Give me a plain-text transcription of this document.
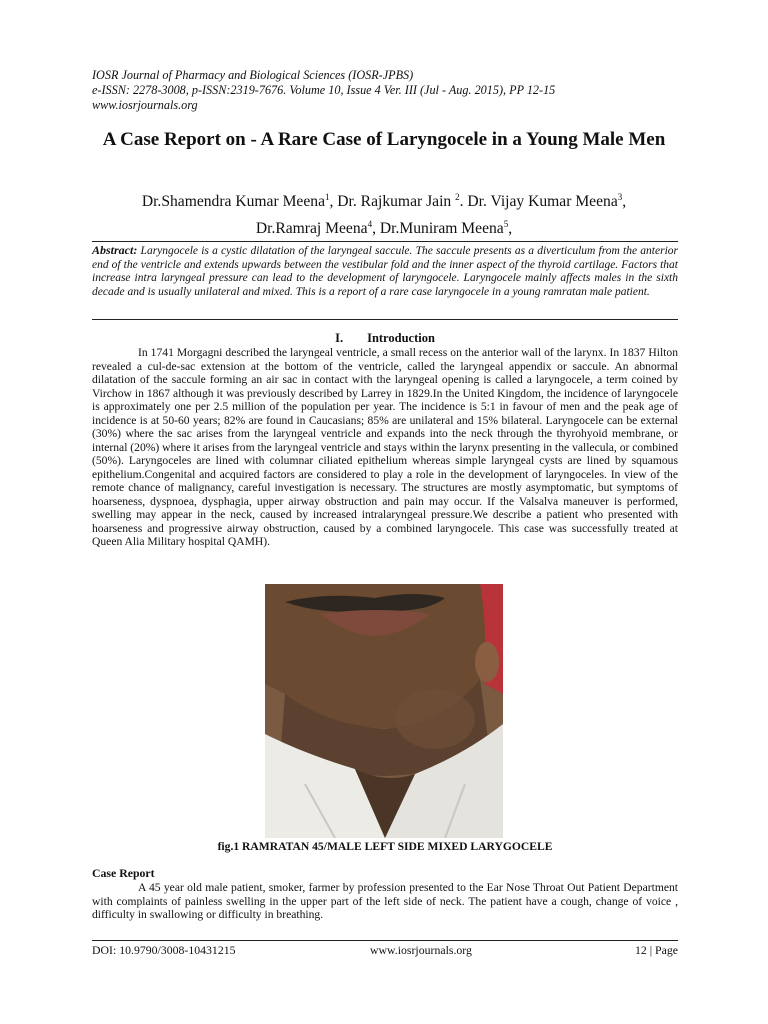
IOSR Journal of Pharmacy and Biological Sciences (IOSR-JPBS)
e-ISSN: 2278-3008, p-ISSN:2319-7676. Volume 10, Issue 4 Ver. III (Jul - Aug. 2015), PP 12-15
www.iosrjournals.org
A Case Report on - A Rare Case of Laryngocele in a Young Male Men
Dr.Shamendra Kumar Meena$^1$, Dr. Rajkumar Jain $^2$. Dr. Vijay Kumar Meena$^3$,
Dr.Ramraj Meena$^4$, Dr.Muniram Meena$^5$,
Abstract: Laryngocele is a cystic dilatation of the laryngeal saccule. The saccule presents as a diverticulum from the anterior end of the ventricle and extends upwards between the vestibular fold and the inner aspect of the thyroid cartilage. Factors that increase intra laryngeal pressure can lead to the development of laryngocele. Laryngocele mainly affects males in the sixth decade and is usually unilateral and mixed. This is a report of a rare case laryngocele in a young ramratan male patient.
I. Introduction

In 1741 Morgagni described the laryngeal ventricle, a small recess on the anterior wall of the larynx. In 1837 Hilton revealed a cul-de-sac extension at the bottom of the ventricle, called the laryngeal appendix or saccule. An abnormal dilatation of the saccule forming an air sac in contact with the laryngeal opening is called a laryngocele, a term coined by Virchow in 1867 although it was previously described by Larrey in 1829.In the United Kingdom, the incidence of laryngocele is approximately one per 2.5 million of the population per year. The incidence is 5:1 in favour of men and the peak age of incidence is at 50-60 years; 82% are found in Caucasians; 85% are unilateral and 15% bilateral. Laryngocele can be external (30%) where the sac arises from the laryngeal ventricle and expands into the neck through the thyrohyoid membrane, or internal (20%) where it arises from the laryngeal ventricle and stays within the larynx presenting in the vallecula, or combined (50%). Laryngoceles are lined with columnar ciliated epithelium whereas simple laryngeal cysts are lined by squamous epithelium.Congenital and acquired factors are considered to play a role in the development of laryngoceles. In view of the remote chance of malignancy, careful investigation is necessary. The structures are mostly asymptomatic, but symptoms of hoarseness, dyspnoea, dysphagia, upper airway obstruction and pain may occur. If the Valsalva maneuver is performed, swelling may appear in the neck, caused by increased intralaryngeal pressure.We describe a patient who presented with hoarseness and progressive airway obstruction, caused by a combined laryngocele. This case was successfully treated at Queen Alia Military hospital QAMH).

fig.1 RAMRATAN 45/MALE LEFT SIDE MIXED LARYGOCELE
Case Report

A 45 year old male patient, smoker, farmer by profession presented to the Ear Nose Throat Out Patient Department with complaints of painless swelling in the upper part of the left side of neck. The patient have a cough, change of voice , difficulty in swallowing or difficulty in breathing.

DOI: 10.9790/3008-10431215	www.iosrjournals.org	12 | Page
